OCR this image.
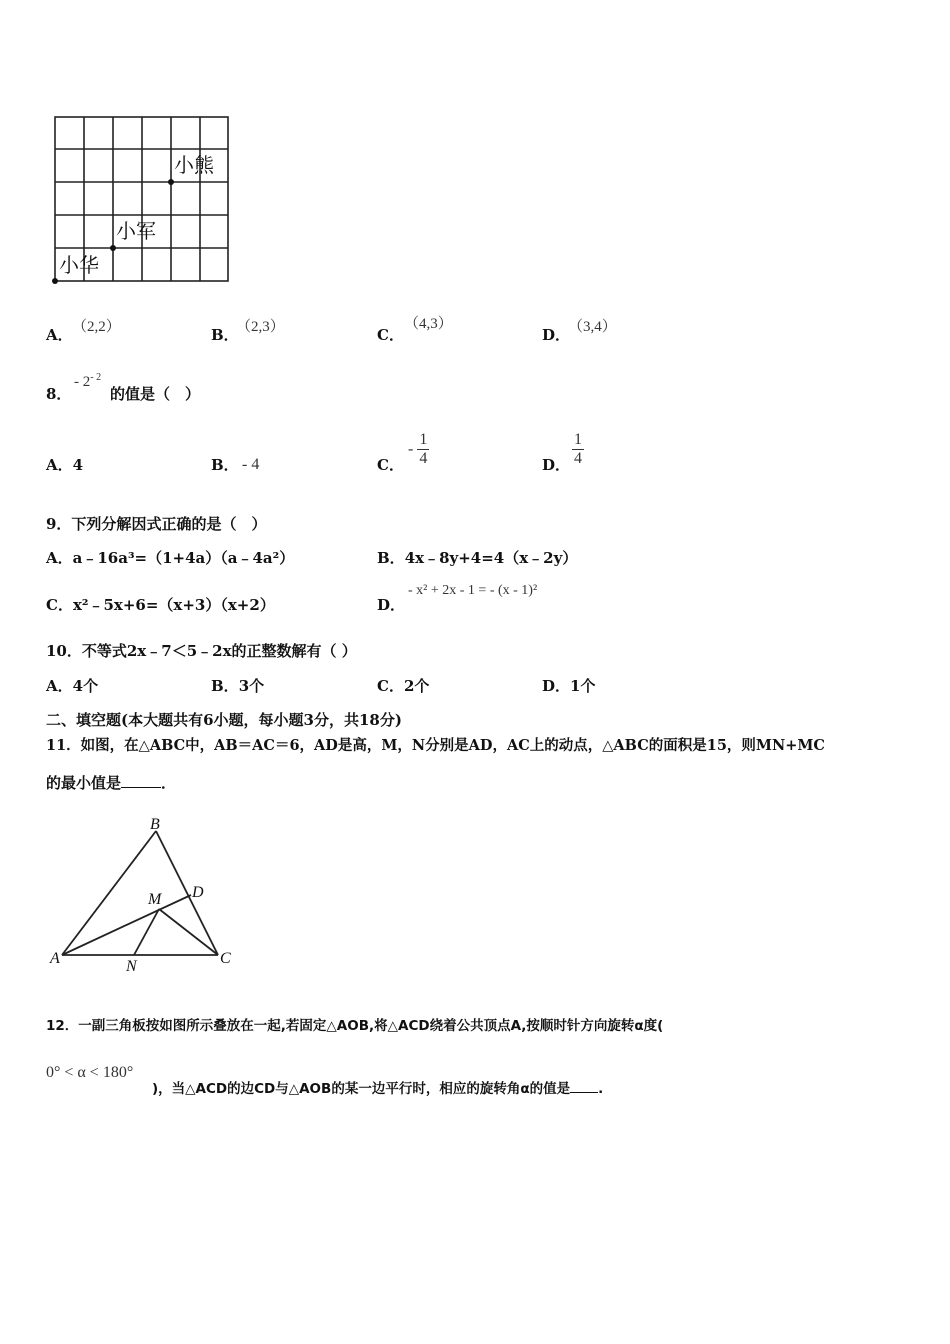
小熊
小军
小华
A． （2,2）	B．
（2,3）	C．
（4,3）
D．
（3,4）
8．
- $2^{- 2}$
的值是（　）
A．4	B． - 4	C．
- $\frac{1}{4}$	D． $\frac{1}{4}$
9．下列分解因式正确的是（　）
A．a﹣16a³=（1+4a）（a﹣4a²）	B．4x﹣8y+4=4（x﹣2y）
C．x²﹣5x+6=（x+3）（x+2）	D．
- x² + 2x - 1 = - (x - 1)²
10．不等式2x﹣7＜5﹣2x的正整数解有（ ）
A．4个	B．3个	C．2个	D．1个
二、填空题(本大题共有6小题，每小题3分，共18分)
11．如图，在△ABC中，AB＝AC＝6，AD是高，M，N分别是AD，AC上的动点，△ABC的面积是15，则MN+MC
的最小值是	．
B
D
M
A	C
N
12．一副三角板按如图所示叠放在一起,若固定△AOB,将△ACD绕着公共顶点A,按顺时针方向旋转α度(
0° < α < 180°
)，当△ACD的边CD与△AOB的某一边平行时，相应的旋转角α的值是 .
